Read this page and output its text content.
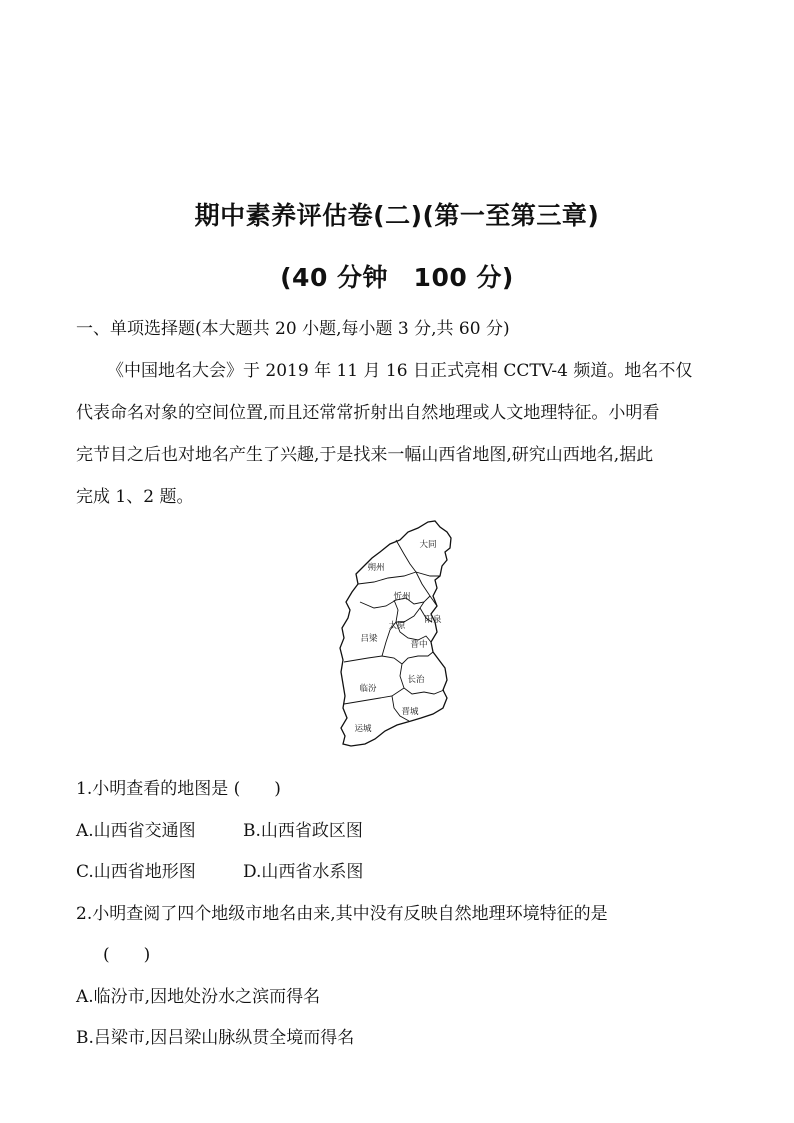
期中素养评估卷(二)(第一至第三章)
(40 分钟　100 分)
一、单项选择题(本大题共 20 小题,每小题 3 分,共 60 分)
《中国地名大会》于 2019 年 11 月 16 日正式亮相 CCTV-4 频道。地名不仅
代表命名对象的空间位置,而且还常常折射出自然地理或人文地理特征。小明看
完节目之后也对地名产生了兴趣,于是找来一幅山西省地图,研究山西地名,据此
完成 1、2 题。
大同
朔州
忻州
阳泉
太原
吕梁
晋中
长治
临汾
晋城
运城
1.小明查看的地图是 (　　)
A.山西省交通图	B.山西省政区图
C.山西省地形图	D.山西省水系图
2.小明查阅了四个地级市地名由来,其中没有反映自然地理环境特征的是
(　　)
A.临汾市,因地处汾水之滨而得名
B.吕梁市,因吕梁山脉纵贯全境而得名
